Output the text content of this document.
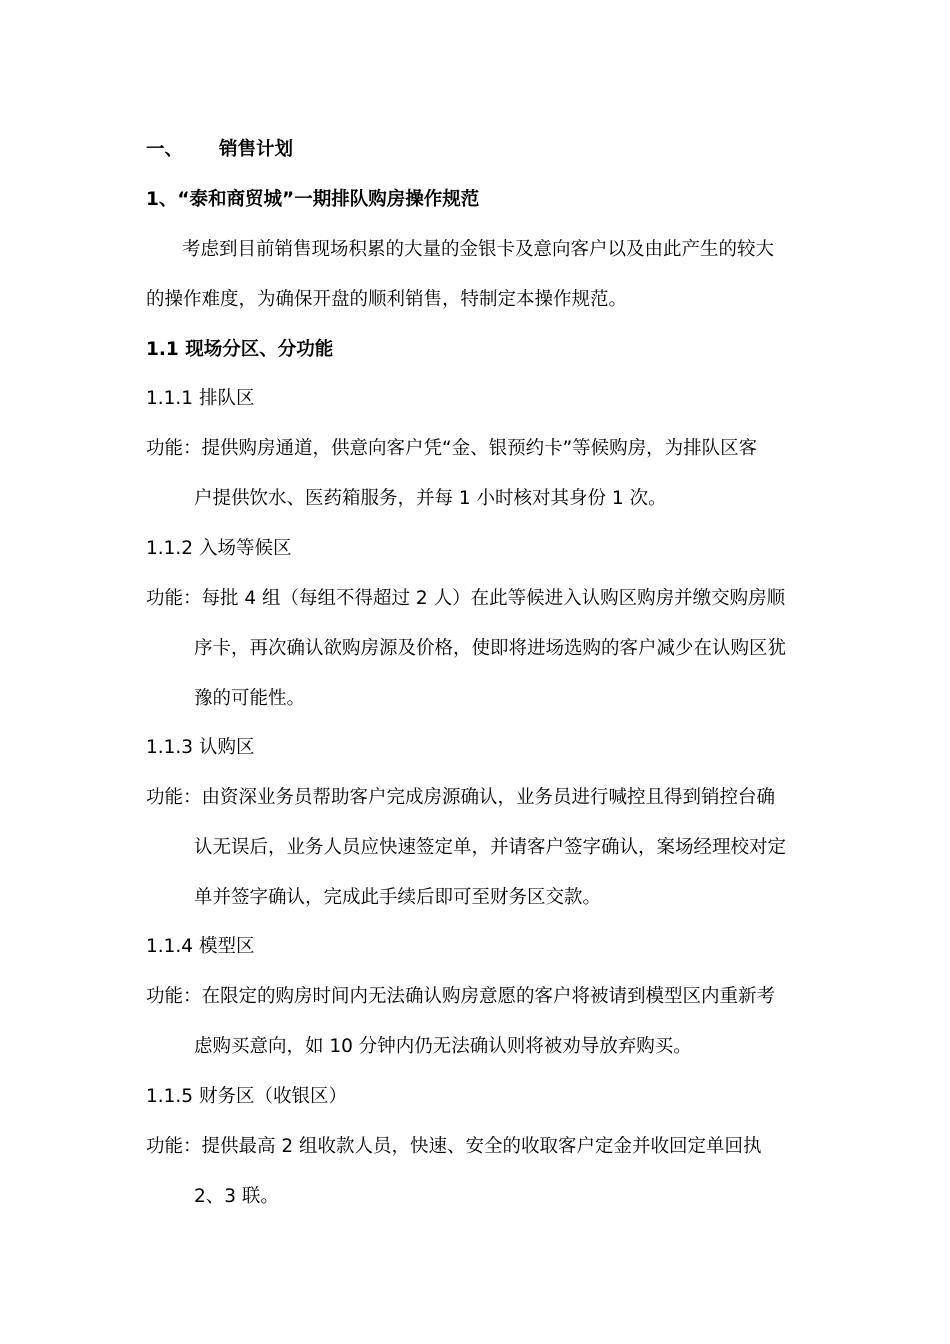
一、 销售计划
1、“泰和商贸城”一期排队购房操作规范
考虑到目前销售现场积累的大量的金银卡及意向客户以及由此产生的较大
的操作难度，为确保开盘的顺利销售，特制定本操作规范。
1.1 现场分区、分功能
1.1.1 排队区
功能：提供购房通道，供意向客户凭“金、银预约卡”等候购房，为排队区客
户提供饮水、医药箱服务，并每 1 小时核对其身份 1 次。
1.1.2 入场等候区
功能：每批 4 组（每组不得超过 2 人）在此等候进入认购区购房并缴交购房顺
序卡，再次确认欲购房源及价格，使即将进场选购的客户减少在认购区犹
豫的可能性。
1.1.3 认购区
功能：由资深业务员帮助客户完成房源确认，业务员进行喊控且得到销控台确
认无误后，业务人员应快速签定单，并请客户签字确认，案场经理校对定
单并签字确认，完成此手续后即可至财务区交款。
1.1.4 模型区
功能：在限定的购房时间内无法确认购房意愿的客户将被请到模型区内重新考
虑购买意向，如 10 分钟内仍无法确认则将被劝导放弃购买。
1.1.5 财务区（收银区）
功能：提供最高 2 组收款人员，快速、安全的收取客户定金并收回定单回执
2、3 联。
